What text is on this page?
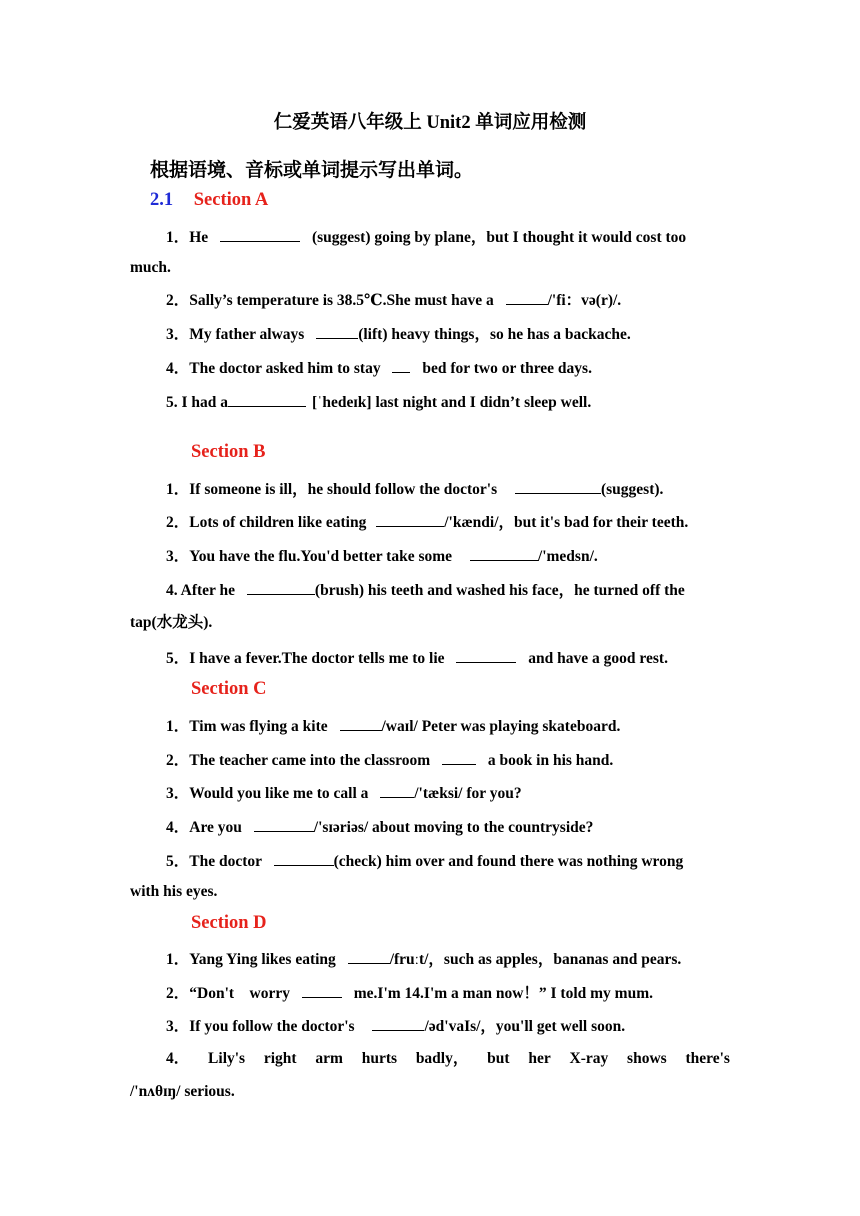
仁爱英语八年级上 Unit2 单词应用检测
根据语境、音标或单词提示写出单词。
2.1 Section A
1．He	(suggest) going by plane，but I thought it would cost too
much.
2．Sally’s temperature is 38.5℃.She must have a	/'fi：və(r)/.
3．My father always	(lift) heavy things，so he has a backache.
4．The doctor asked him to stay	bed for two or three days.
5. I had a	[ˈhedeɪk] last night and I didn’t sleep well.
Section B
1．If someone is ill，he should follow the doctor's	(suggest).
2．Lots of children like eating	/'kændi/，but it's bad for their teeth.
3．You have the flu.You'd better take some	/'medsn/.
4. After he	(brush) his teeth and washed his face，he turned off the
tap(水龙头).
5．I have a fever.The doctor tells me to lie	and have a good rest.
Section C
1．Tim was flying a kite	/waɪl/ Peter was playing skateboard.
2．The teacher came into the classroom	a book in his hand.
3．Would you like me to call a	/'tæksi/ for you?
4．Are you	/'sɪəriəs/ about moving to the countryside?
5．The doctor	(check) him over and found there was nothing wrong
with his eyes.
Section D
1．Yang Ying likes eating	/fruːt/，such as apples，bananas and pears.
2．“Don't　worry	me.I'm 14.I'm a man now！” I told my mum.
3．If you follow the doctor's	/əd'vaIs/，you'll get well soon.
4． Lily's right arm hurts badly， but her X-ray shows there's
/'nʌθɪŋ/ serious.
